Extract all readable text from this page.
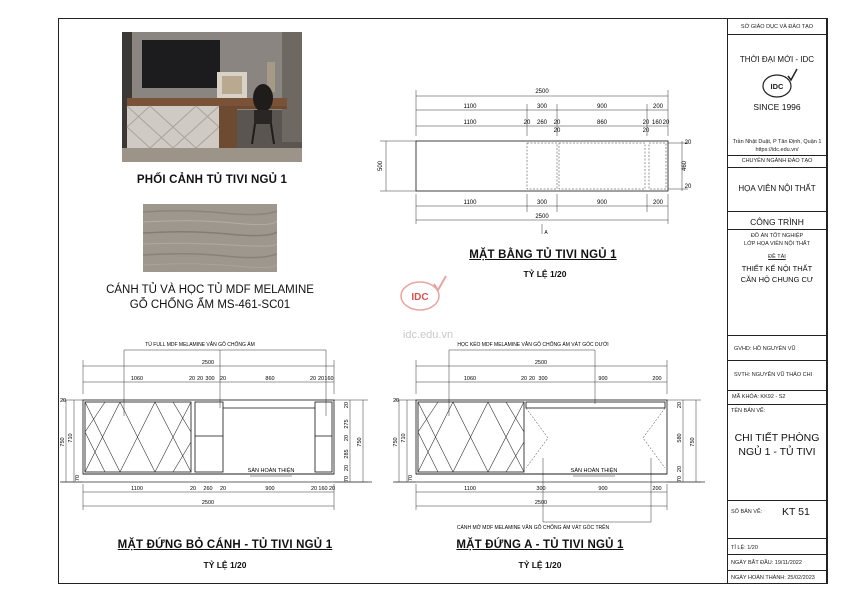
PHỐI CẢNH TỦ TIVI NGỦ 1
CÁNH TỦ VÀ HỌC TỦ MDF MELAMINE
GỖ CHỐNG ẨM MS-461-SC01
IDC
idc.edu.vn
2500
1100	300	900	200
1100	20 260 20
20
860	20
20
160 20
500
20
460
20
1100	300	900	200
2500
A
MẶT BẰNG TỦ TIVI NGỦ 1
TỶ LỆ 1/20
TỦ FULL MDF MELAMINE VÂN GỖ CHỐNG ẨM
2500
1060	20 20 300 20	860	20 20 160
20
750 710
70
20
275
20
285
20
70
750
SÀN HOÀN THIỆN
1100	20 260 20	900	20 160 20
2500
MẶT ĐỨNG BỎ CÁNH - TỦ TIVI NGỦ 1
TỶ LỆ 1/20
HỌC KÉO MDF MELAMINE VÂN GỖ CHỐNG ẨM VÁT GÓC DƯỚI
2500
1060	20 20 300	900	200
20
750 710
70
20
580
20
70
750
SÀN HOÀN THIỆN
1100	300	900	200
2500
CÁNH MỞ MDF MELAMINE VÂN GỖ CHỐNG ẨM VÁT GÓC TRÊN
MẶT ĐỨNG A - TỦ TIVI NGỦ 1
TỶ LỆ 1/20
SỞ GIÁO DỤC VÀ ĐÀO TẠO
THỜI ĐẠI MỚI - IDC
IDC
SINCE 1996
Trần Nhật Duật, P Tân Định, Quận 1
https://idc.edu.vn/
CHUYÊN NGÀNH ĐÀO TẠO
HỌA VIÊN NỘI THẤT
CÔNG TRÌNH
ĐỒ ÁN TỐT NGHIỆP
LỚP HỌA VIÊN NỘI THẤT
ĐỀ TÀI
THIẾT KẾ NỘI THẤT
CĂN HỘ CHUNG CƯ
GVHD: HỒ NGUYÊN VŨ
SVTH: NGUYỄN VŨ THẢO CHI
MÃ KHÓA: KK92 - S2
TÊN BẢN VẼ:
CHI TIẾT PHÒNG
NGỦ 1 - TỦ TIVI
SỐ BẢN VẼ: KT 51
TỈ LỆ: 1/20
NGÀY BẮT ĐẦU: 19/11/2022
NGÀY HOÀN THÀNH: 25/02/2023
